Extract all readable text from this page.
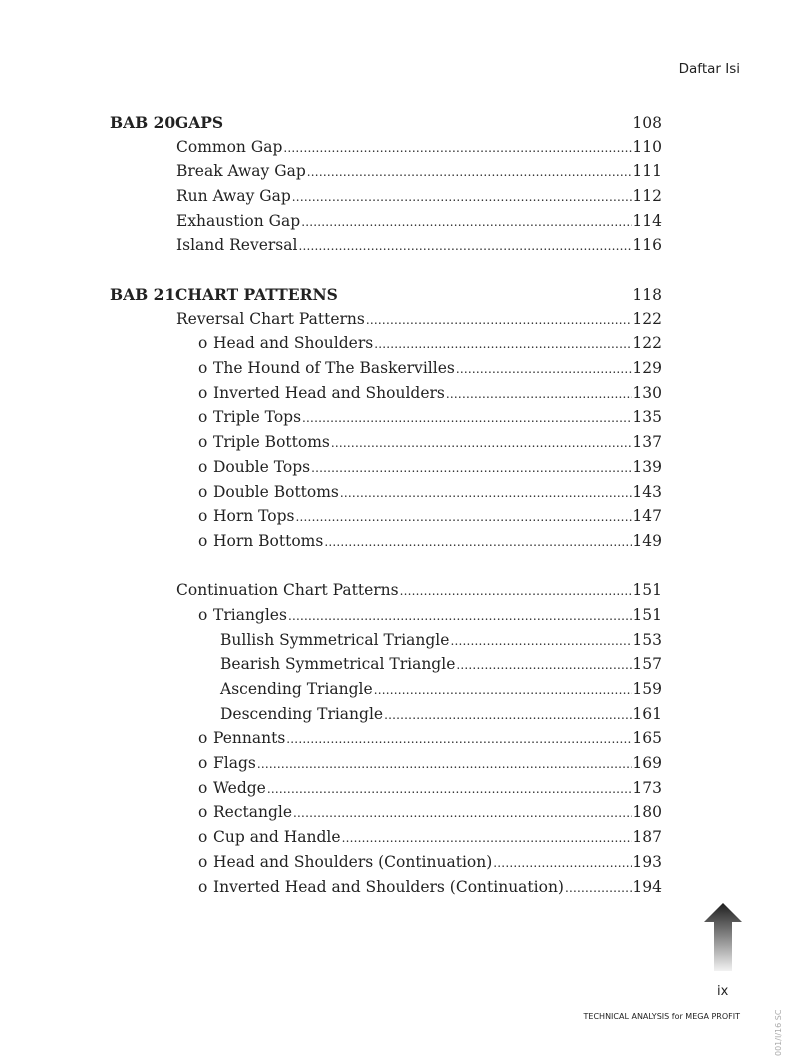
Daftar Isi
BAB 20 GAPS	108
Common Gap .....	110
Break Away Gap .....	111
Run Away Gap .....	112
Exhaustion Gap .....	114
Island Reversal .....	116
BAB 21 CHART PATTERNS	118
Reversal Chart Patterns .....	122
o Head and Shoulders .....	122
o The Hound of The Baskervilles .....	129
o Inverted Head and Shoulders .....	130
o Triple Tops .....	135
o Triple Bottoms .....	137
o Double Tops .....	139
o Double Bottoms .....	143
o Horn Tops .....	147
o Horn Bottoms .....	149
Continuation Chart Patterns .....	151
o Triangles .....	151
Bullish Symmetrical Triangle .....	153
Bearish Symmetrical Triangle .....	157
Ascending Triangle .....	159
Descending Triangle .....	161
o Pennants .....	165
o Flags .....	169
o Wedge .....	173
o Rectangle .....	180
o Cup and Handle .....	187
o Head and Shoulders (Continuation) .....	193
o Inverted Head and Shoulders (Continuation) .....	194
ix
TECHNICAL ANALYSIS for MEGA PROFIT	001/I/16 SC
